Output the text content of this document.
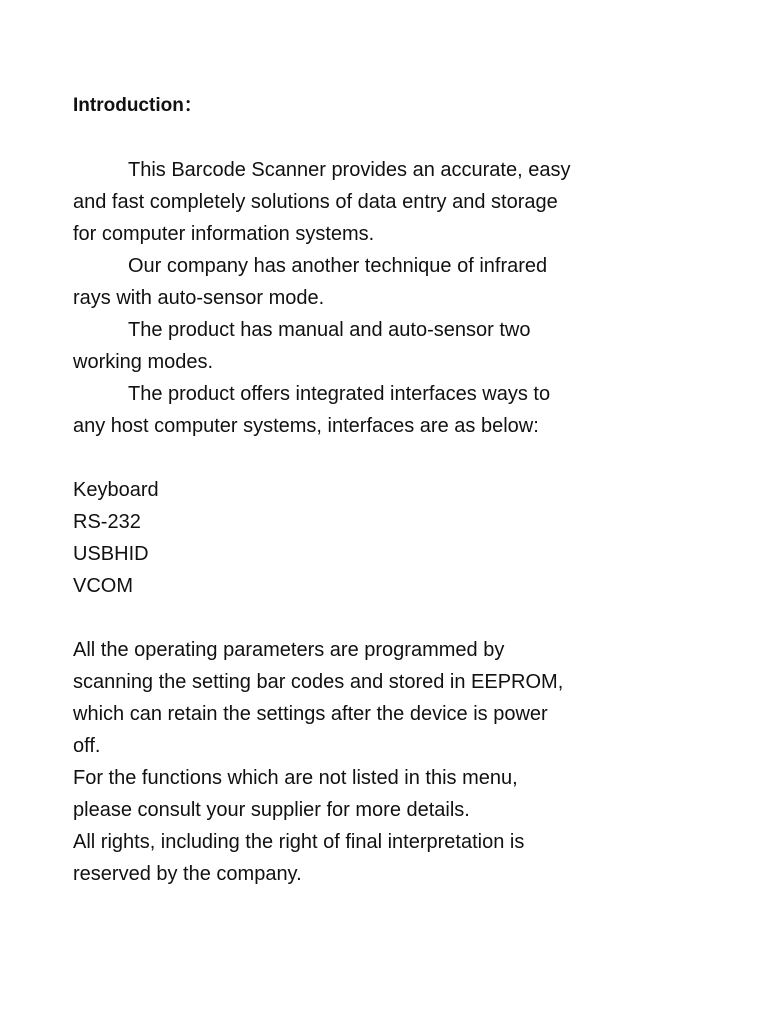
Introduction：

This Barcode Scanner provides an accurate, easy

and fast completely solutions of data entry and storage

for computer information systems.

Our company has another technique of infrared

rays with auto-sensor mode.

The product has manual and auto-sensor two

working modes.

The product offers integrated interfaces ways to

any host computer systems, interfaces are as below:

Keyboard

RS-232

USBHID

VCOM

All the operating parameters are programmed by

scanning the setting bar codes and stored in EEPROM,

which can retain the settings after the device is power

off.

For the functions which are not listed in this menu,

please consult your supplier for more details.

All rights, including the right of final interpretation is

reserved by the company.
